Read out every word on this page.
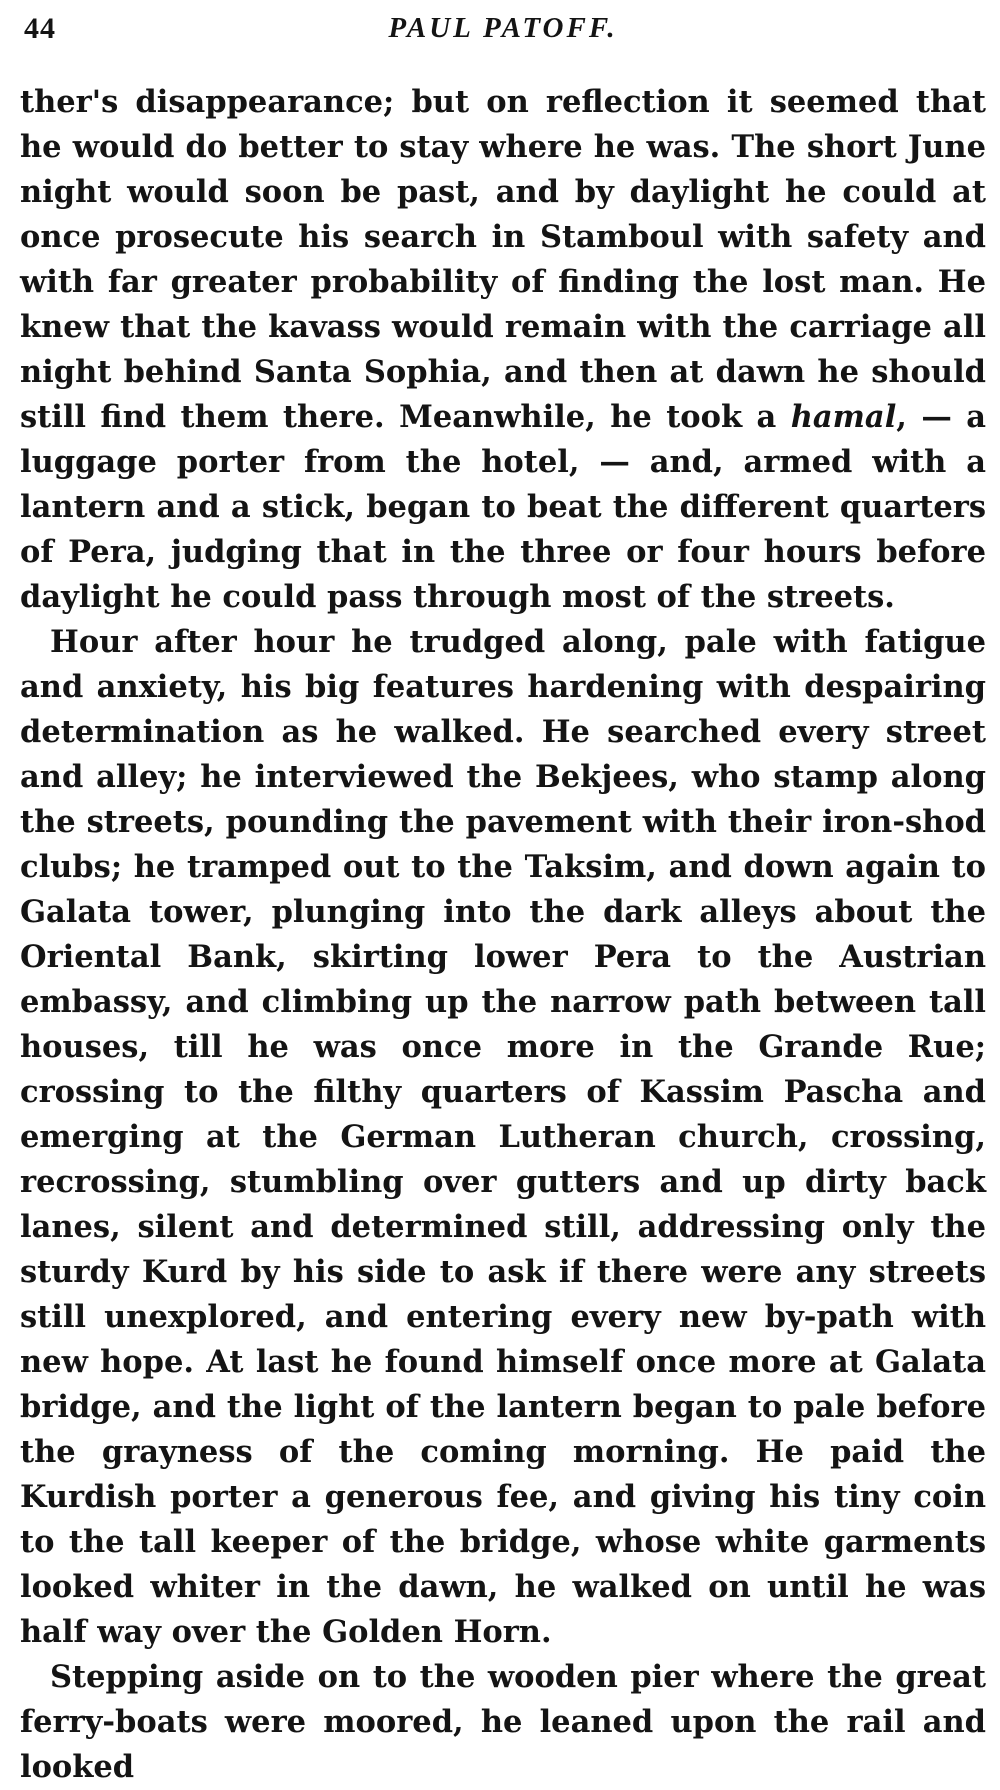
44	PAUL PATOFF.

ther's disappearance; but on reflection it seemed that he would do better to stay where he was. The short June night would soon be past, and by daylight he could at once prosecute his search in Stamboul with safety and with far greater probability of finding the lost man. He knew that the kavass would remain with the carriage all night behind Santa Sophia, and then at dawn he should still find them there. Meanwhile, he took a hamal, — a luggage porter from the hotel, — and, armed with a lantern and a stick, began to beat the different quarters of Pera, judging that in the three or four hours before daylight he could pass through most of the streets.

Hour after hour he trudged along, pale with fatigue and anxiety, his big features hardening with despairing determination as he walked. He searched every street and alley; he interviewed the Bekjees, who stamp along the streets, pounding the pavement with their iron-shod clubs; he tramped out to the Taksim, and down again to Galata tower, plunging into the dark alleys about the Oriental Bank, skirting lower Pera to the Austrian embassy, and climbing up the narrow path between tall houses, till he was once more in the Grande Rue; crossing to the filthy quarters of Kassim Pascha and emerging at the German Lutheran church, crossing, recrossing, stumbling over gutters and up dirty back lanes, silent and determined still, addressing only the sturdy Kurd by his side to ask if there were any streets still unexplored, and entering every new by-path with new hope. At last he found himself once more at Galata bridge, and the light of the lantern began to pale before the grayness of the coming morning. He paid the Kurdish porter a generous fee, and giving his tiny coin to the tall keeper of the bridge, whose white garments looked whiter in the dawn, he walked on until he was half way over the Golden Horn.

Stepping aside on to the wooden pier where the great ferry-boats were moored, he leaned upon the rail and looked
